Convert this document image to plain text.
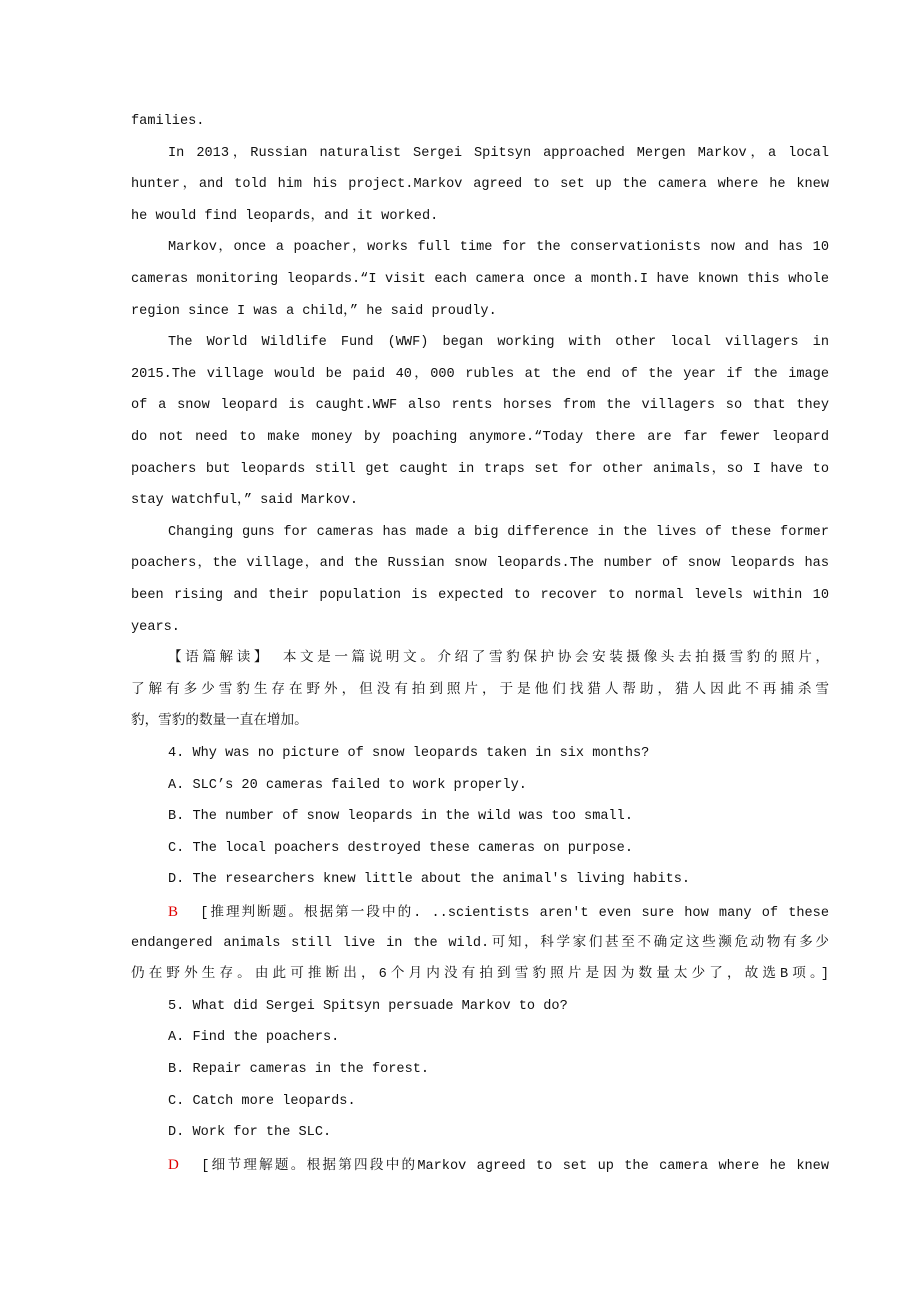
families.
In 2013，Russian naturalist Sergei Spitsyn approached Mergen Markov，a local
hunter，and told him his project.Markov agreed to set up the camera where he knew
he would find leopards，and it worked.
Markov，once a poacher，works full time for the conservationists now and has 10
cameras monitoring leopards.“I visit each camera once a month.I have known this whole
region since I was a child，” he said proudly.
The World Wildlife Fund (WWF) began working with other local villagers in
2015.The village would be paid 40，000 rubles at the end of the year if the image
of a snow leopard is caught.WWF also rents horses from the villagers so that they
do not need to make money by poaching anymore.“Today there are far fewer leopard
poachers but leopards still get caught in traps set for other animals，so I have to
stay watchful，” said Markov.
Changing guns for cameras has made a big difference in the lives of these former
poachers，the village，and the Russian snow leopards.The number of snow leopards has
been rising and their population is expected to recover to normal levels within 10
years.
【语篇解读】 本文是一篇说明文。介绍了雪豹保护协会安装摄像头去拍摄雪豹的照片，
了解有多少雪豹生存在野外，但没有拍到照片，于是他们找猎人帮助，猎人因此不再捕杀雪
豹，雪豹的数量一直在增加。
4. Why was no picture of snow leopards taken in six months?
A. SLC’s 20 cameras failed to work properly.
B. The number of snow leopards in the wild was too small.
C. The local poachers destroyed these cameras on purpose.
D. The researchers knew little about the animal's living habits.
B [推理判断题。根据第一段中的. ..scientists aren't even sure how many of these
endangered animals still live in the wild.可知，科学家们甚至不确定这些濒危动物有多少
仍在野外生存。由此可推断出，6个月内没有拍到雪豹照片是因为数量太少了，故选B项。]
5. What did Sergei Spitsyn persuade Markov to do?
A. Find the poachers.
B. Repair cameras in the forest.
C. Catch more leopards.
D. Work for the SLC.
D [细节理解题。根据第四段中的Markov agreed to set up the camera where he knew
